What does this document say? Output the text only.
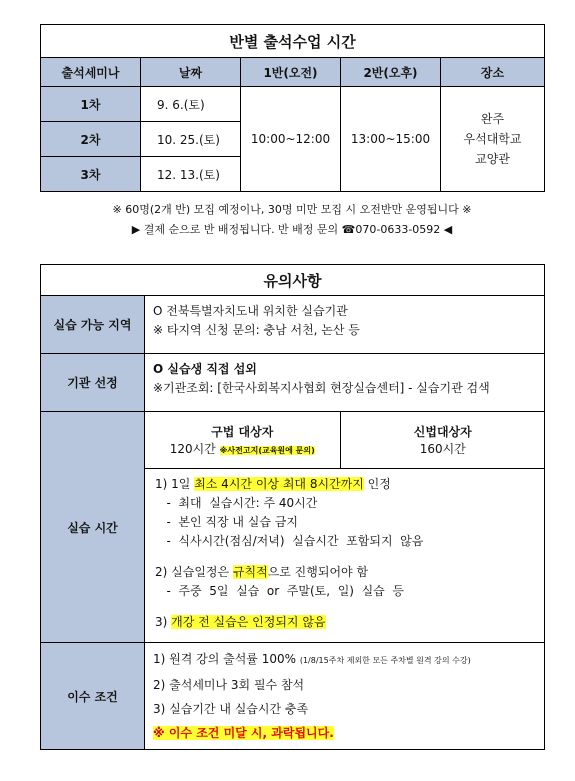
반별 출석수업 시간				
출석세미나	날짜	1반(오전)	2반(오후)	장소
1차	9. 6.(토)	10:00~12:00	13:00~15:00	완주
우석대학교
교양관

2차	10. 25.(토)			
3차	12. 13.(토)			
※ 60명(2개 반) 모집 예정이나, 30명 미만 모집 시 오전반만 운영됩니다 ※
▶ 결제 순으로 반 배정됩니다. 반 배정 문의 ☎070-0633-0592 ◀
유의사항
실습 가능 지역	
O 전북특별자치도내 위치한 실습기관
※ 타지역 신청 문의: 충남 서천, 논산 등

기관 선정	
O 실습생 직접 섭외
※기관조회: [한국사회복지사협회 현장실습센터] - 실습기관 검색

실습 시간	
구법 대상자
120시간 ※사전고지(교육원에 문의)

신법대상자
160시간

1) 1일 최소 4시간 이상 최대 8시간까지 인정
-  최대  실습시간: 주 40시간
-  본인 직장 내 실습 금지
-  식사시간(점심/저녁)  실습시간  포함되지  않음
2) 실습일정은 규칙적으로 진행되어야 함
-  주중  5일  실습  or  주말(토,  일)  실습  등
3) 개강 전 실습은 인정되지 않음

이수 조건	
1) 원격 강의 출석률 100% (1/8/15주차 제외한 모든 주차별 원격 강의 수강)
2) 출석세미나 3회 필수 참석
3) 실습기간 내 실습시간 충족
※ 이수 조건 미달 시, 과락됩니다.
